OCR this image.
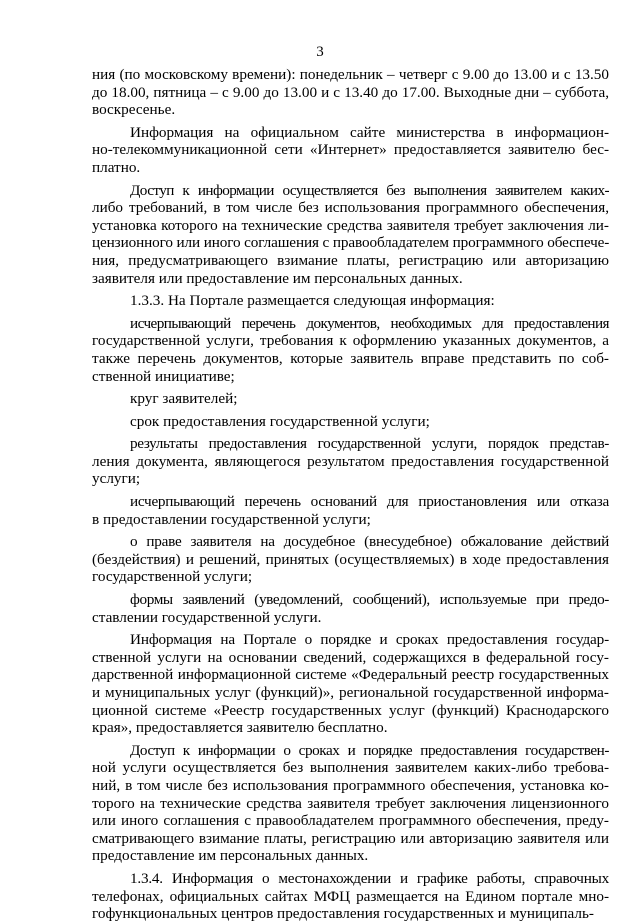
3
ния (по московскому времени): понедельник – четверг с 9.00 до 13.00 и с 13.50
до 18.00, пятница – с 9.00 до 13.00 и с 13.40 до 17.00. Выходные дни – суббота,
воскресенье.
Информация на официальном сайте министерства в информацион-
но-телекоммуникационной сети «Интернет» предоставляется заявителю бес-
платно.
Доступ к информации осуществляется без выполнения заявителем каких-
либо требований, в том числе без использования программного обеспечения,
установка которого на технические средства заявителя требует заключения ли-
цензионного или иного соглашения с правообладателем программного обеспече-
ния, предусматривающего взимание платы, регистрацию или авторизацию
заявителя или предоставление им персональных данных.
1.3.3. На Портале размещается следующая информация:
исчерпывающий перечень документов, необходимых для предоставления
государственной услуги, требования к оформлению указанных документов, а
также перечень документов, которые заявитель вправе представить по соб-
ственной инициативе;
круг заявителей;
срок предоставления государственной услуги;
результаты предоставления государственной услуги, порядок представ-
ления документа, являющегося результатом предоставления государственной
услуги;
исчерпывающий перечень оснований для приостановления или отказа
в предоставлении государственной услуги;
о праве заявителя на досудебное (внесудебное) обжалование действий
(бездействия) и решений, принятых (осуществляемых) в ходе предоставления
государственной услуги;
формы заявлений (уведомлений, сообщений), используемые при предо-
ставлении государственной услуги.
Информация на Портале о порядке и сроках предоставления государ-
ственной услуги на основании сведений, содержащихся в федеральной госу-
дарственной информационной системе «Федеральный реестр государственных
и муниципальных услуг (функций)», региональной государственной информа-
ционной системе «Реестр государственных услуг (функций) Краснодарского
края», предоставляется заявителю бесплатно.
Доступ к информации о сроках и порядке предоставления государствен-
ной услуги осуществляется без выполнения заявителем каких-либо требова-
ний, в том числе без использования программного обеспечения, установка ко-
торого на технические средства заявителя требует заключения лицензионного
или иного соглашения с правообладателем программного обеспечения, преду-
сматривающего взимание платы, регистрацию или авторизацию заявителя или
предоставление им персональных данных.
1.3.4. Информация о местонахождении и графике работы, справочных
телефонах, официальных сайтах МФЦ размещается на Едином портале мно-
гофункциональных центров предоставления государственных и муниципаль-
